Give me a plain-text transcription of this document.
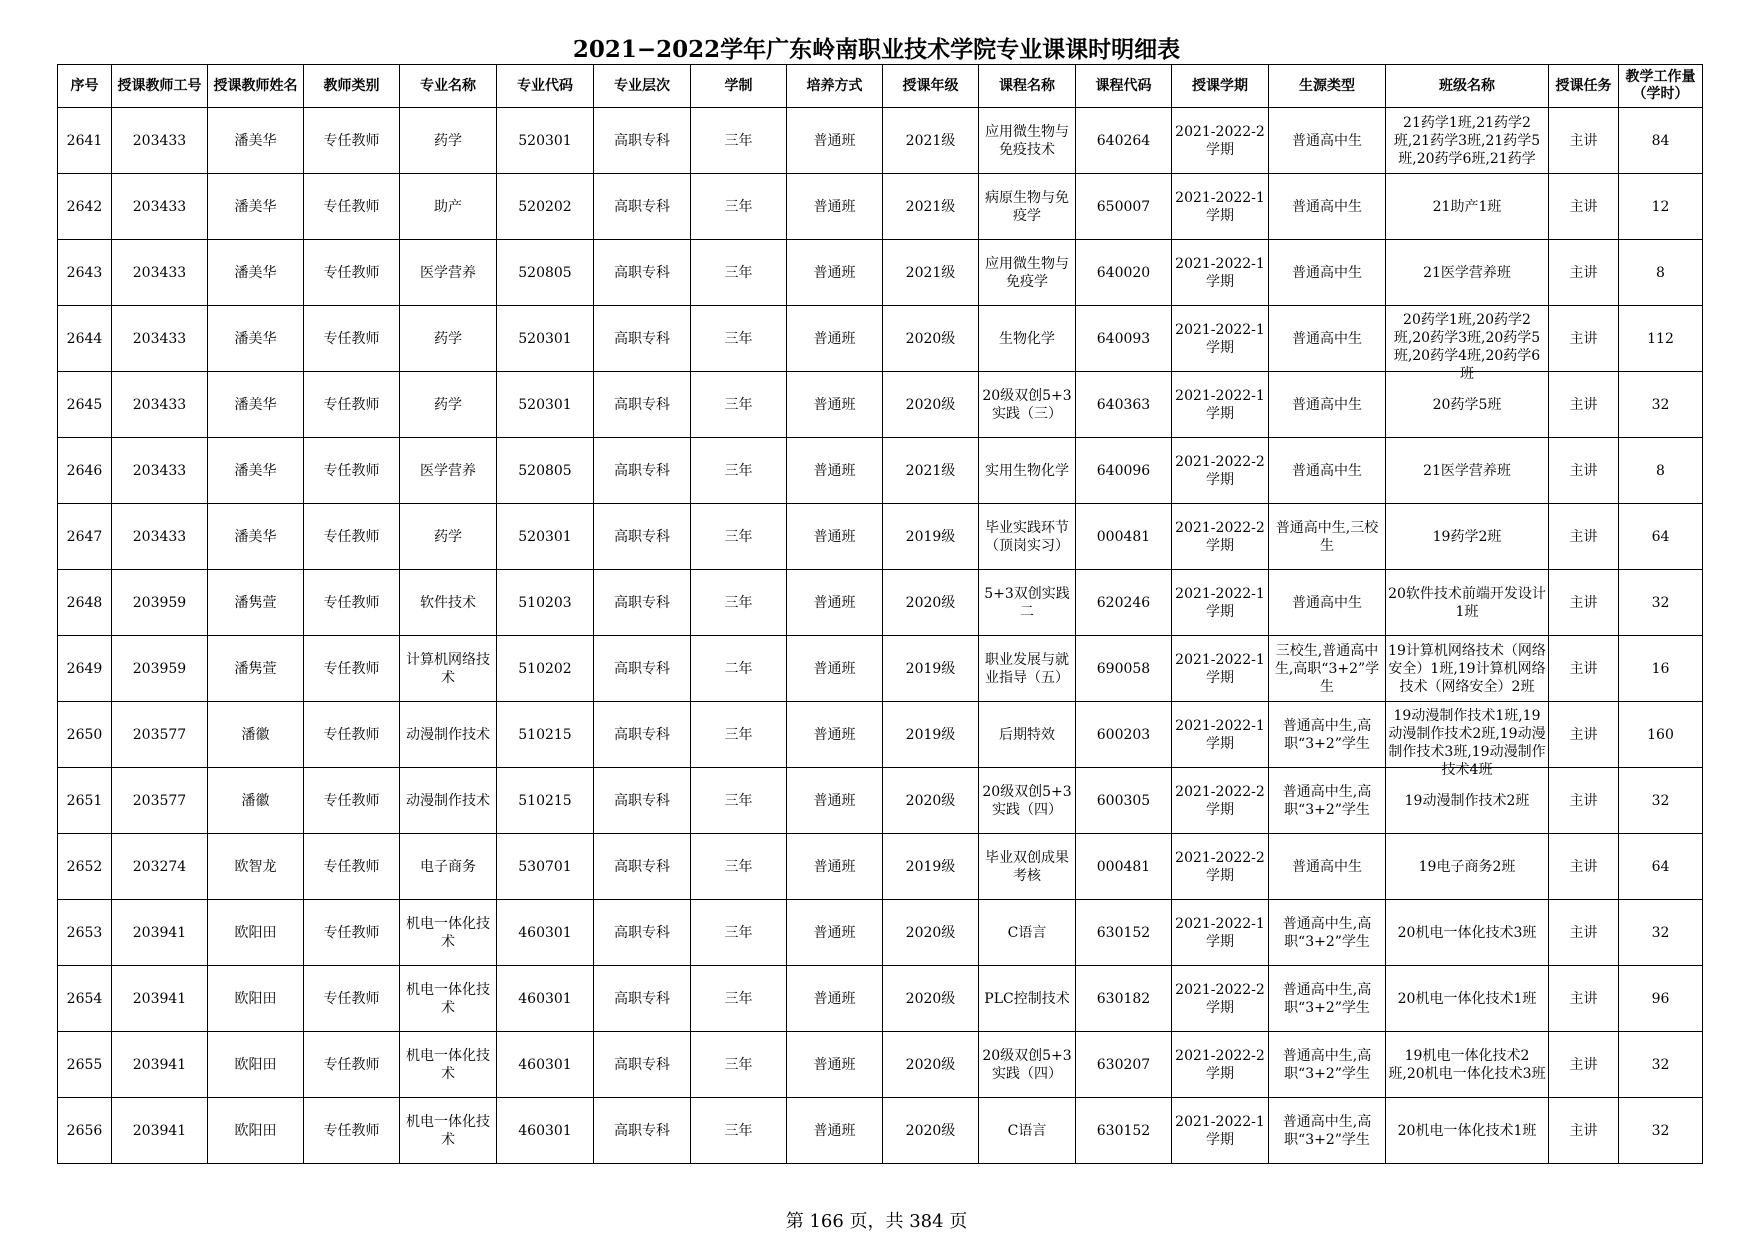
2021−2022学年广东岭南职业技术学院专业课课时明细表
序号	授课教师工号	授课教师姓名	教师类别	专业名称	专业代码	专业层次	学制	培养方式	授课年级	课程名称	课程代码	授课学期	生源类型	班级名称	授课任务	教学工作量（学时）

2641	203433	潘美华	专任教师	药学	520301	高职专科	三年	普通班	2021级	应用微生物与免疫技术	640264	2021-2022-2学期	普通高中生	21药学1班,21药学2班,21药学3班,21药学5班,20药学6班,21药学	主讲	84

2642	203433	潘美华	专任教师	助产	520202	高职专科	三年	普通班	2021级	病原生物与免疫学	650007	2021-2022-1学期	普通高中生	21助产1班	主讲	12

2643	203433	潘美华	专任教师	医学营养	520805	高职专科	三年	普通班	2021级	应用微生物与免疫学	640020	2021-2022-1学期	普通高中生	21医学营养班	主讲	8

2644	203433	潘美华	专任教师	药学	520301	高职专科	三年	普通班	2020级	生物化学	640093	2021-2022-1学期	普通高中生	20药学1班,20药学2班,20药学3班,20药学5班,20药学4班,20药学6班	主讲	112

2645	203433	潘美华	专任教师	药学	520301	高职专科	三年	普通班	2020级	20级双创5+3实践（三）	640363	2021-2022-1学期	普通高中生	20药学5班	主讲	32

2646	203433	潘美华	专任教师	医学营养	520805	高职专科	三年	普通班	2021级	实用生物化学	640096	2021-2022-2学期	普通高中生	21医学营养班	主讲	8

2647	203433	潘美华	专任教师	药学	520301	高职专科	三年	普通班	2019级	毕业实践环节（顶岗实习）	000481	2021-2022-2学期	普通高中生,三校生	19药学2班	主讲	64

2648	203959	潘隽萱	专任教师	软件技术	510203	高职专科	三年	普通班	2020级	5+3双创实践二	620246	2021-2022-1学期	普通高中生	20软件技术前端开发设计1班	主讲	32

2649	203959	潘隽萱	专任教师	计算机网络技术	510202	高职专科	二年	普通班	2019级	职业发展与就业指导（五）	690058	2021-2022-1学期	三校生,普通高中生,高职“3+2”学生	19计算机网络技术（网络安全）1班,19计算机网络技术（网络安全）2班	主讲	16

2650	203577	潘徽	专任教师	动漫制作技术	510215	高职专科	三年	普通班	2019级	后期特效	600203	2021-2022-1学期	普通高中生,高职“3+2”学生	19动漫制作技术1班,19动漫制作技术2班,19动漫制作技术3班,19动漫制作技术4班	主讲	160

2651	203577	潘徽	专任教师	动漫制作技术	510215	高职专科	三年	普通班	2020级	20级双创5+3实践（四）	600305	2021-2022-2学期	普通高中生,高职“3+2”学生	19动漫制作技术2班	主讲	32

2652	203274	欧智龙	专任教师	电子商务	530701	高职专科	三年	普通班	2019级	毕业双创成果考核	000481	2021-2022-2学期	普通高中生	19电子商务2班	主讲	64

2653	203941	欧阳田	专任教师	机电一体化技术	460301	高职专科	三年	普通班	2020级	C语言	630152	2021-2022-1学期	普通高中生,高职“3+2”学生	20机电一体化技术3班	主讲	32

2654	203941	欧阳田	专任教师	机电一体化技术	460301	高职专科	三年	普通班	2020级	PLC控制技术	630182	2021-2022-2学期	普通高中生,高职“3+2”学生	20机电一体化技术1班	主讲	96

2655	203941	欧阳田	专任教师	机电一体化技术	460301	高职专科	三年	普通班	2020级	20级双创5+3实践（四）	630207	2021-2022-2学期	普通高中生,高职“3+2”学生	19机电一体化技术2班,20机电一体化技术3班	主讲	32

2656	203941	欧阳田	专任教师	机电一体化技术	460301	高职专科	三年	普通班	2020级	C语言	630152	2021-2022-1学期	普通高中生,高职“3+2”学生	20机电一体化技术1班	主讲	32
第 166 页，共 384 页
